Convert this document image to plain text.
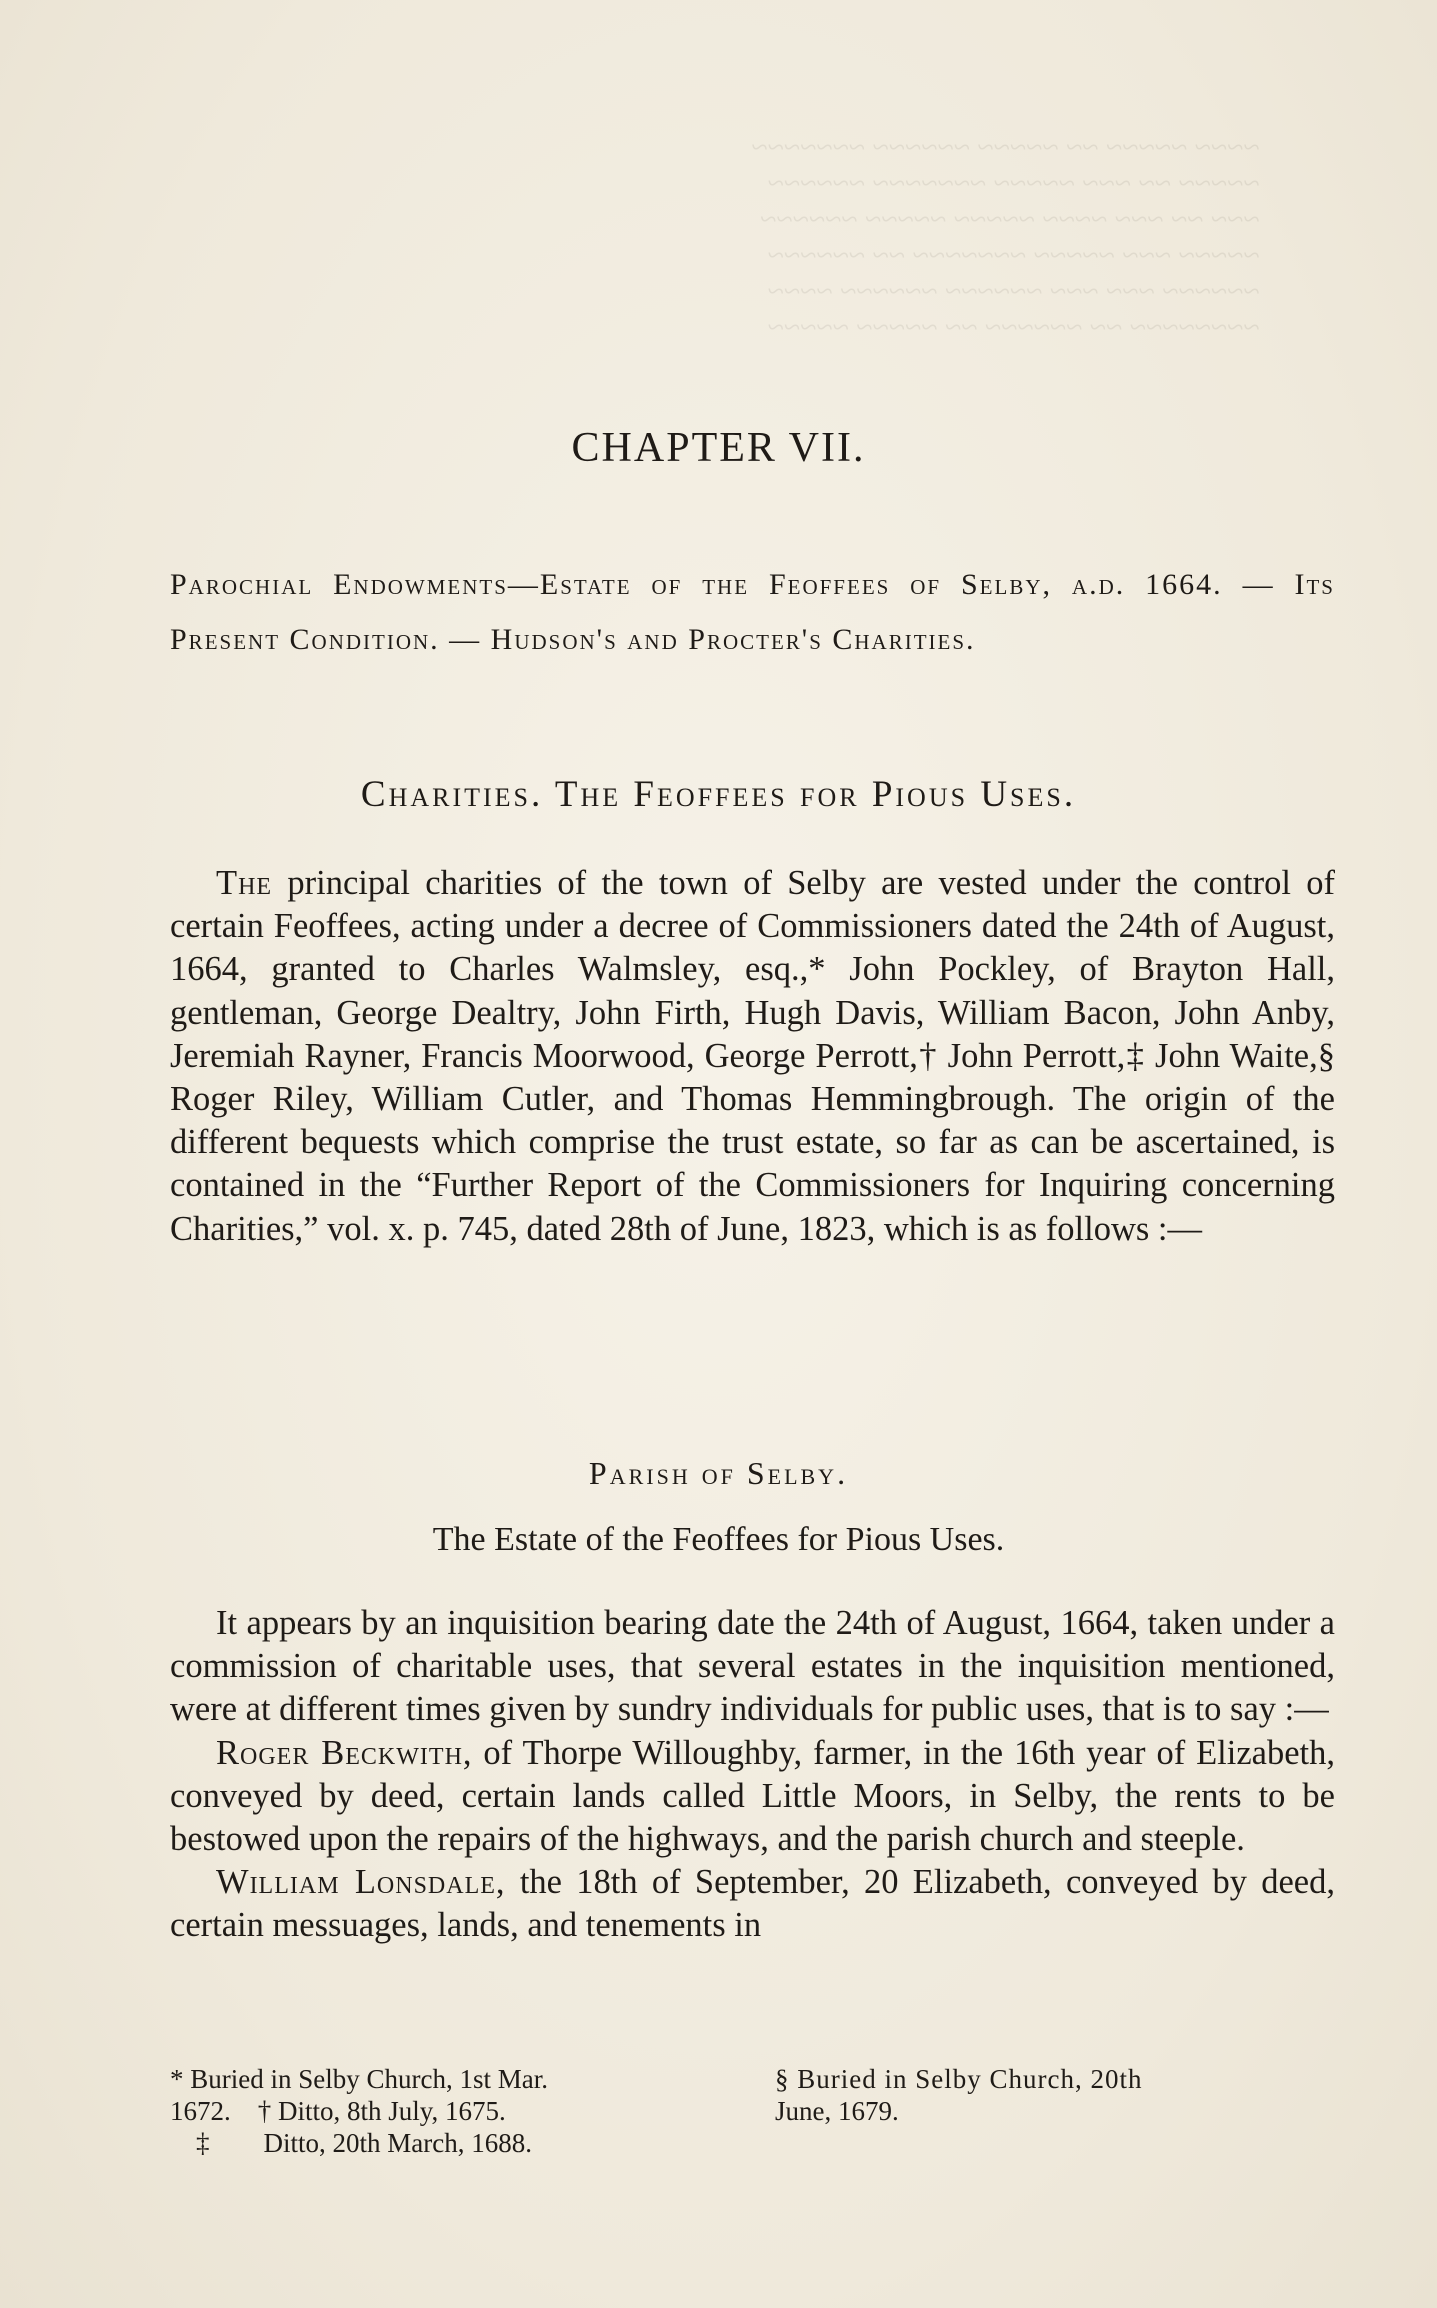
~~~~ ~~~~~ ~~ ~~~~~ ~~~~~~ ~~~~~~~
~~~~~ ~~ ~~~ ~~~~~ ~~~~~~~ ~~~~~~
~~~ ~~ ~~~ ~~~~ ~~~~~ ~~~~~ ~~~~~~
~~~~~ ~~~ ~~~~~ ~~~~~~~ ~~ ~~~~~~
~~~~~~ ~~~ ~~~ ~~~~~~ ~~~~~~ ~~~~
~~~~~~~~ ~~ ~~~~~~ ~~ ~~~~~ ~~~~~
CHAPTER VII.
Parochial Endowments—Estate of the Feoffees of Selby, a.d. 1664. — Its Present Condition. — Hudson's and Procter's Charities.
Charities. The Feoffees for Pious Uses.

The principal charities of the town of Selby are vested under the control of certain Feoffees, acting under a decree of Commissioners dated the 24th of August, 1664, granted to Charles Walmsley, esq.,* John Pockley, of Brayton Hall, gentleman, George Dealtry, John Firth, Hugh Davis, William Bacon, John Anby, Jeremiah Rayner, Francis Moorwood, George Perrott,† John Perrott,‡ John Waite,§ Roger Riley, William Cutler, and Thomas Hemmingbrough. The origin of the different bequests which comprise the trust estate, so far as can be ascertained, is contained in the “Further Report of the Commissioners for Inquiring concerning Charities,” vol. x. p. 745, dated 28th of June, 1823, which is as follows :—

Parish of Selby.
The Estate of the Feoffees for Pious Uses.

It appears by an inquisition bearing date the 24th of August, 1664, taken under a commission of charitable uses, that several estates in the inquisition mentioned, were at different times given by sundry individuals for public uses, that is to say :—

Roger Beckwith, of Thorpe Willoughby, farmer, in the 16th year of Elizabeth, conveyed by deed, certain lands called Little Moors, in Selby, the rents to be bestowed upon the repairs of the highways, and the parish church and steeple.

William Lonsdale, the 18th of September, 20 Elizabeth, conveyed by deed, certain messuages, lands, and tenements in

* Buried in Selby Church, 1st Mar.
1672.    † Ditto, 8th July, 1675.
‡        Ditto, 20th March, 1688.
§ Buried in Selby Church, 20th
June, 1679.
